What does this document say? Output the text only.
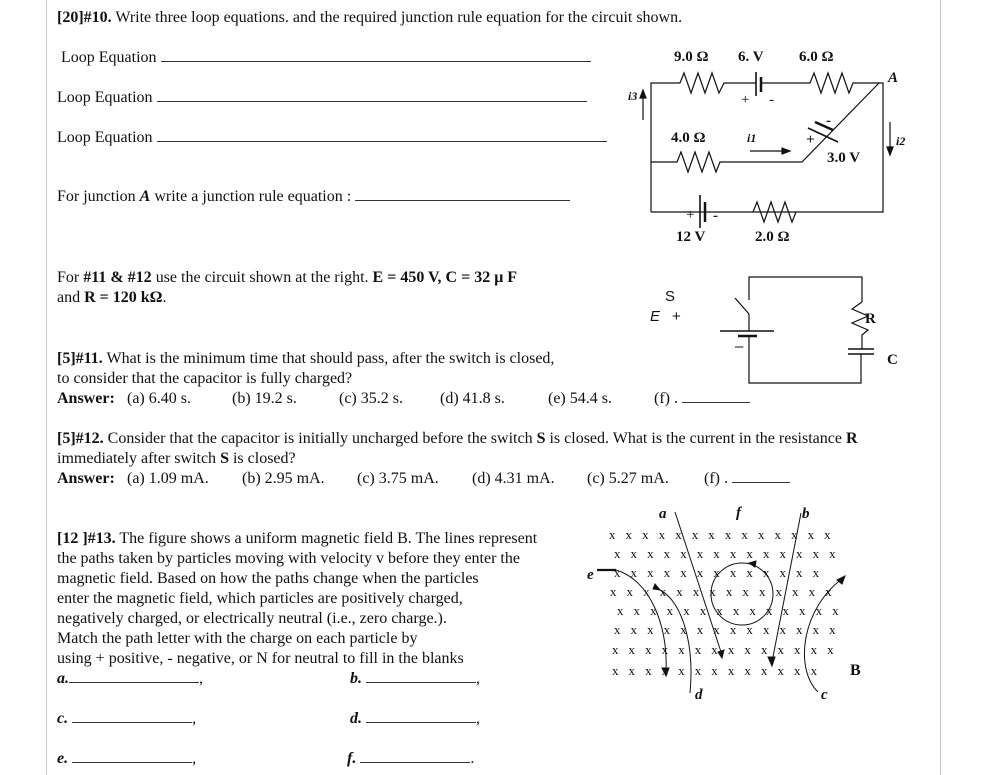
[20]#10. Write three loop equations. and the required junction rule equation for the circuit shown.
Loop Equation
Loop Equation
Loop Equation
For junction A write a junction rule equation :
For #11 & #12 use the circuit shown at the right. E = 450 V, C = 32 μ F
and R = 120 kΩ.
[5]#11. What is the minimum time that should pass, after the switch is closed,
to consider that the capacitor is fully charged?
Answer: (a) 6.40 s.	(b) 19.2 s.	(c) 35.2 s. (d) 41.8 s.	(e) 54.4 s.	(f) .
[5]#12. Consider that the capacitor is initially uncharged before the switch S is closed. What is the current in the resistance R
immediately after switch S is closed?
Answer: (a) 1.09 mA. (b) 2.95 mA. (c) 3.75 mA. (d) 4.31 mA. (c) 5.27 mA. (f) .
[12 ]#13. The figure shows a uniform magnetic field B. The lines represent
the paths taken by particles moving with velocity v before they enter the
magnetic field. Based on how the paths change when the particles
enter the magnetic field, which particles are positively charged,
negatively charged, or electrically neutral (i.e., zero charge.).
Match the path letter with the charge on each particle by
using + positive, - negative, or N for neutral to fill in the blanks
a.	,	b.	,
c.	,	d.	,
e.	,	f.	.
9.0 Ω 6. V 6.0 Ω
+ -
A
i3
4.0 Ω	i1	+
-
3.0 V
i2
+ -
12 V	2.0 Ω
S
E +
–
R
C
x x x x x x x x x x x x x x
x x x x x x x x x x x x x x
x x x x x x x x x x x x x
x x x x x x x x x x x x x x
x x x x x x x x x x x x x x
x x x x x x x x x x x x x x
x x x x x x x x x x x x x x
x x x x x x x x x x x x x B
a	b
c
d
e
f
